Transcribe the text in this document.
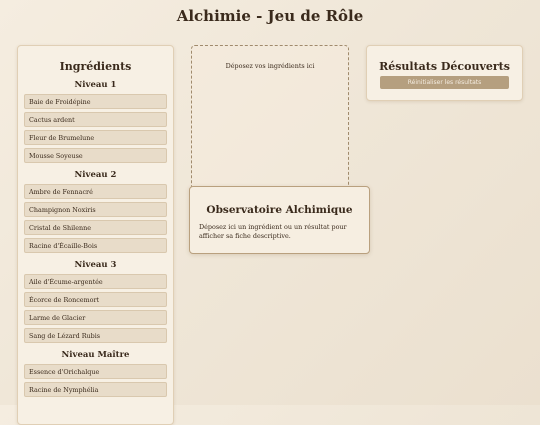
Alchimie - Jeu de Rôle
Ingrédients
Niveau 1
Baie de Froidépine
Cactus ardent
Fleur de Brumelune
Mousse Soyeuse
Niveau 2
Ambre de Fennacré
Champignon Noxiris
Cristal de Shilenne
Racine d'Écaille-Bois
Niveau 3
Aile d'Écume-argentée
Écorce de Roncemort
Larme de Glacier
Sang de Lézard Rubis
Niveau Maître
Essence d'Orichalque
Racine de Nymphélia
Déposez vos ingrédients ici
Observatoire Alchimique
Déposez ici un ingrédient ou un résultat pour afficher sa fiche descriptive.
Résultats Découverts
Réinitialiser les résultats
